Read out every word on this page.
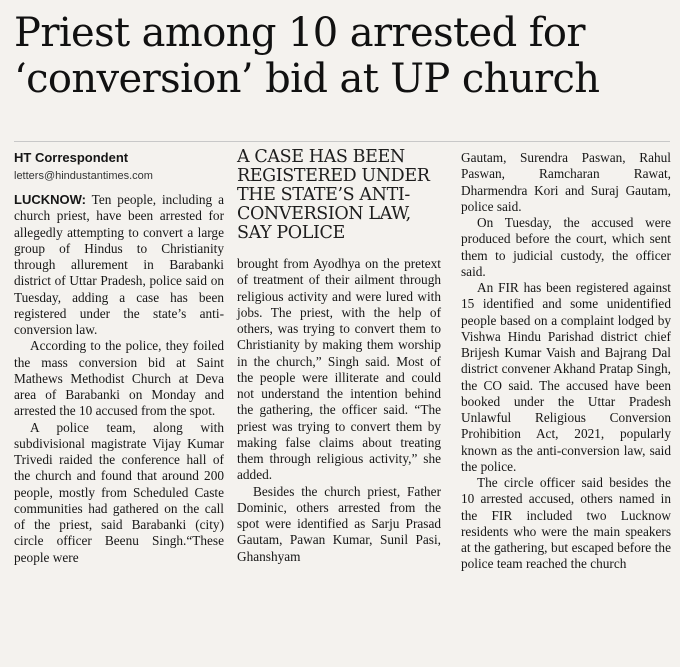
Priest among 10 arrested for
‘conversion’ bid at UP church

HT Correspondent

letters@hindustantimes.com

LUCKNOW: Ten people, including a church priest, have been arrested for allegedly attempting to convert a large group of Hindus to Christianity through allurement in Barabanki district of Uttar Pradesh, police said on Tuesday, adding a case has been registered under the state’s anti-conversion law.

According to the police, they foiled the mass conversion bid at Saint Mathews Methodist Church at Deva area of Barabanki on Monday and arrested the 10 accused from the spot.

A police team, along with subdivisional magistrate Vijay Kumar Trivedi raided the conference hall of the church and found that around 200 people, mostly from Scheduled Caste communities had gathered on the call of the priest, said Barabanki (city) circle officer Beenu Singh.“These people were

A CASE HAS BEEN REGISTERED UNDER THE STATE’S ANTI-CONVERSION LAW, SAY POLICE

brought from Ayodhya on the pretext of treatment of their ailment through religious activity and were lured with jobs. The priest, with the help of others, was trying to convert them to Christianity by making them worship in the church,” Singh said. Most of the people were illiterate and could not understand the intention behind the gathering, the officer said. “The priest was trying to convert them by making false claims about treating them through religious activity,” she added.

Besides the church priest, Father Dominic, others arrested from the spot were identified as Sarju Prasad Gautam, Pawan Kumar, Sunil Pasi, Ghanshyam

Gautam, Surendra Paswan, Rahul Paswan, Ramcharan Rawat, Dharmendra Kori and Suraj Gautam, police said.

On Tuesday, the accused were produced before the court, which sent them to judicial custody, the officer said.

An FIR has been registered against 15 identified and some unidentified people based on a complaint lodged by Vishwa Hindu Parishad district chief Brijesh Kumar Vaish and Bajrang Dal district convener Akhand Pratap Singh, the CO said. The accused have been booked under the Uttar Pradesh Unlawful Religious Conversion Prohibition Act, 2021, popularly known as the anti-conversion law, said the police.

The circle officer said besides the 10 arrested accused, others named in the FIR included two Lucknow residents who were the main speakers at the gathering, but escaped before the police team reached the church
